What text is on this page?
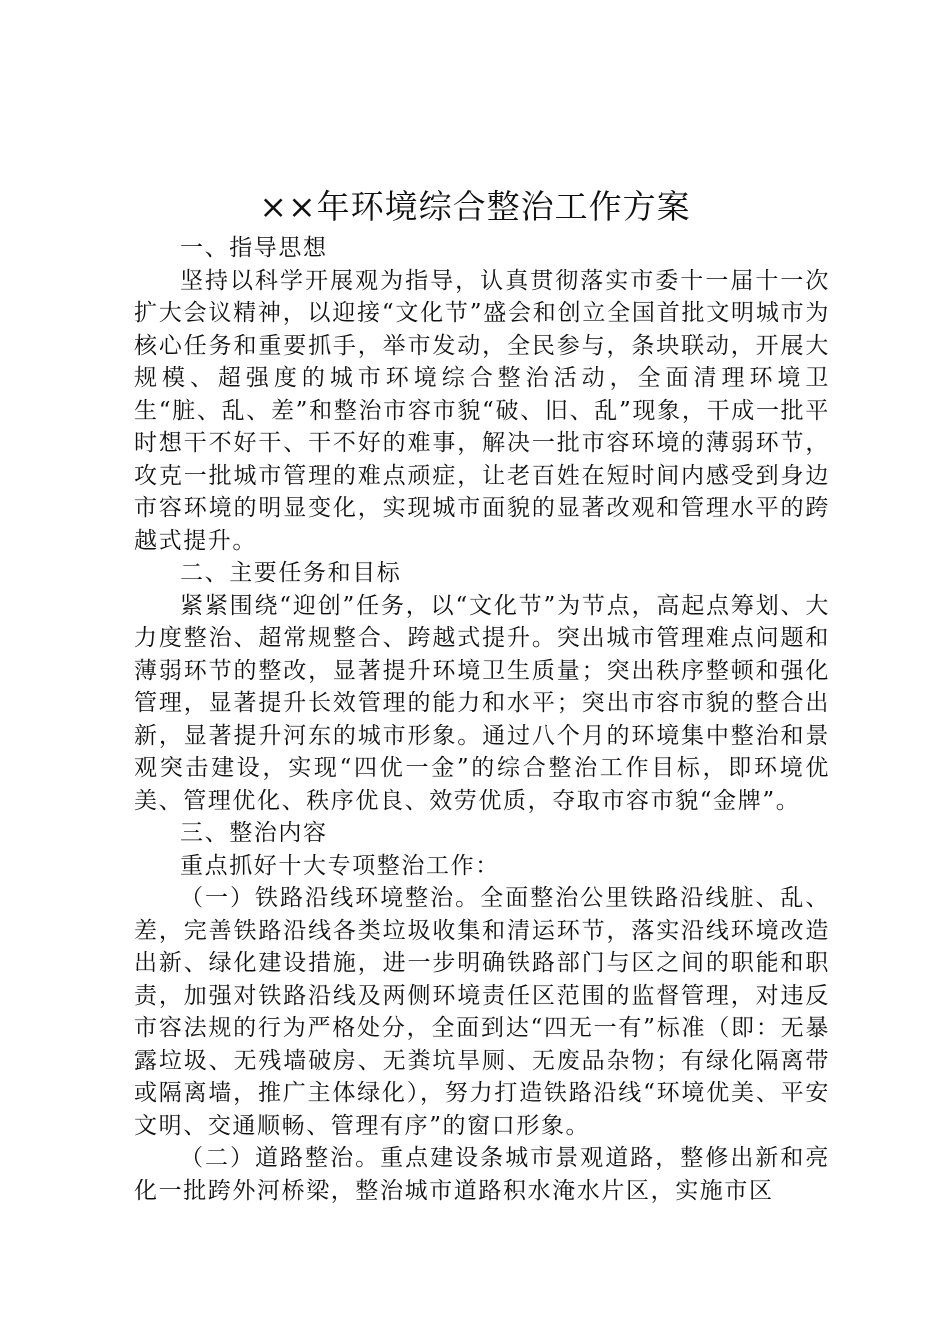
××年环境综合整治工作方案

一、指导思想

坚持以科学开展观为指导，认真贯彻落实市委十一届十一次扩大会议精神，以迎接“文化节”盛会和创立全国首批文明城市为核心任务和重要抓手，举市发动，全民参与，条块联动，开展大规模、超强度的城市环境综合整治活动，全面清理环境卫生“脏、乱、差”和整治市容市貌“破、旧、乱”现象，干成一批平时想干不好干、干不好的难事，解决一批市容环境的薄弱环节，攻克一批城市管理的难点顽症，让老百姓在短时间内感受到身边市容环境的明显变化，实现城市面貌的显著改观和管理水平的跨越式提升。

二、主要任务和目标

紧紧围绕“迎创”任务，以“文化节”为节点，高起点筹划、大力度整治、超常规整合、跨越式提升。突出城市管理难点问题和薄弱环节的整改，显著提升环境卫生质量；突出秩序整顿和强化管理，显著提升长效管理的能力和水平；突出市容市貌的整合出新，显著提升河东的城市形象。通过八个月的环境集中整治和景观突击建设，实现“四优一金”的综合整治工作目标，即环境优美、管理优化、秩序优良、效劳优质，夺取市容市貌“金牌”。

三、整治内容

重点抓好十大专项整治工作：

（一）铁路沿线环境整治。全面整治公里铁路沿线脏、乱、差，完善铁路沿线各类垃圾收集和清运环节，落实沿线环境改造出新、绿化建设措施，进一步明确铁路部门与区之间的职能和职责，加强对铁路沿线及两侧环境责任区范围的监督管理，对违反市容法规的行为严格处分，全面到达“四无一有”标准（即：无暴露垃圾、无残墙破房、无粪坑旱厕、无废品杂物；有绿化隔离带或隔离墙，推广主体绿化），努力打造铁路沿线“环境优美、平安文明、交通顺畅、管理有序”的窗口形象。

（二）道路整治。重点建设条城市景观道路，整修出新和亮化一批跨外河桥梁，整治城市道路积水淹水片区，实施市区
